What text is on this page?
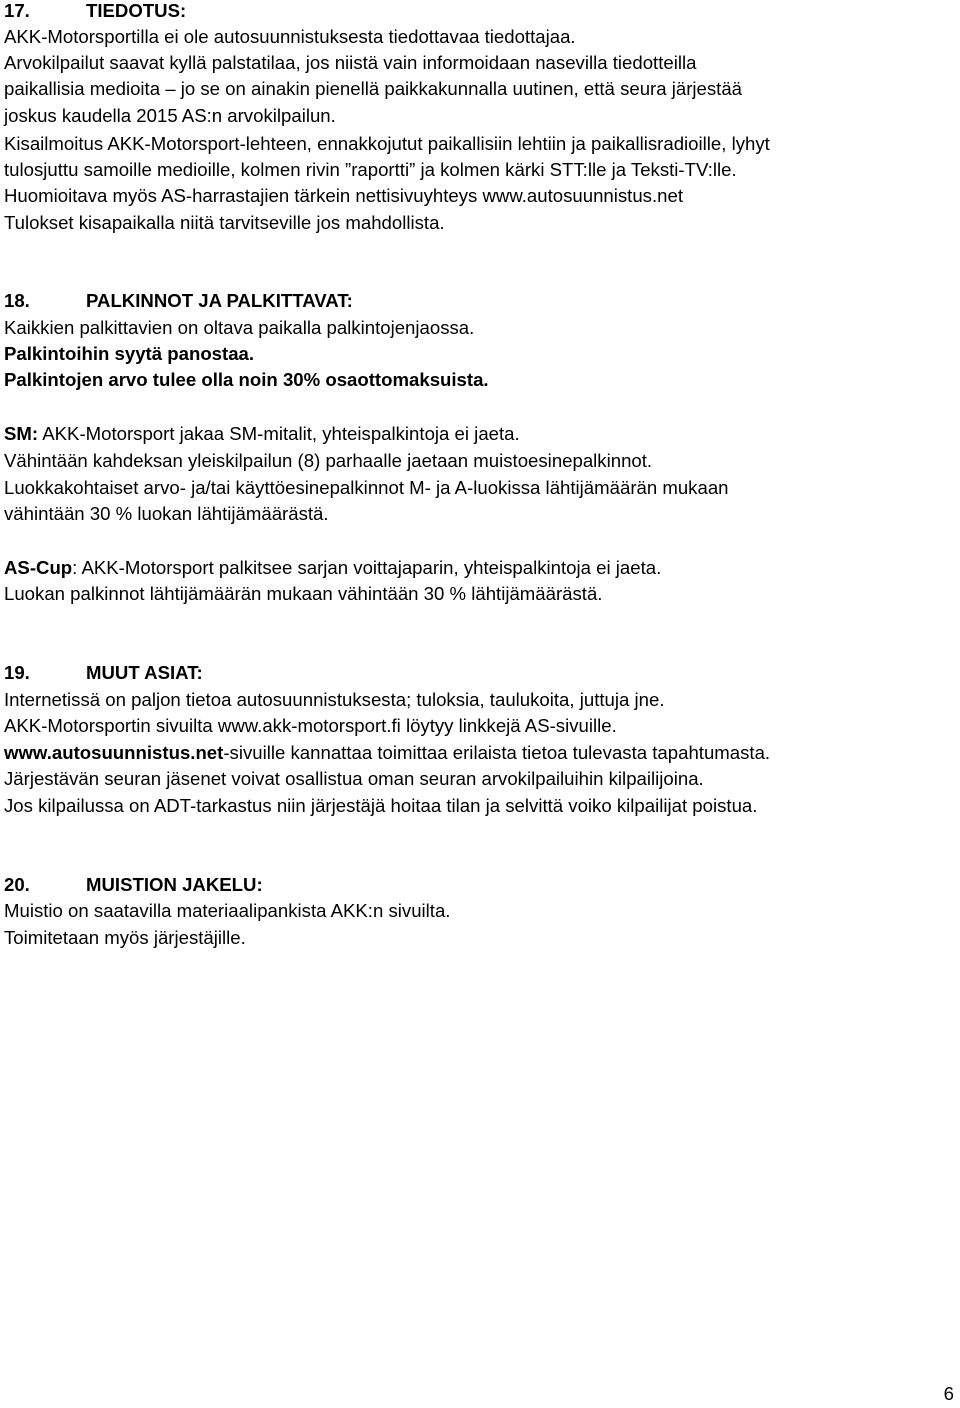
17.	TIEDOTUS:
AKK-Motorsportilla ei ole autosuunnistuksesta tiedottavaa tiedottajaa.
Arvokilpailut saavat kyllä palstatilaa, jos niistä vain informoidaan nasevilla tiedotteilla
paikallisia medioita – jo se on ainakin pienellä paikkakunnalla uutinen, että seura järjestää
joskus kaudella 2015 AS:n arvokilpailun.
Kisailmoitus AKK-Motorsport-lehteen, ennakkojutut paikallisiin lehtiin ja paikallisradioille, lyhyt
tulosjuttu samoille medioille, kolmen rivin ”raportti” ja kolmen kärki STT:lle ja Teksti-TV:lle.
Huomioitava myös AS-harrastajien tärkein nettisivuyhteys www.autosuunnistus.net
Tulokset kisapaikalla niitä tarvitseville jos mahdollista.
18.	PALKINNOT JA PALKITTAVAT:
Kaikkien palkittavien on oltava paikalla palkintojenjaossa.
Palkintoihin syytä panostaa.
Palkintojen arvo tulee olla noin 30% osaottomaksuista.
SM: AKK-Motorsport jakaa SM-mitalit, yhteispalkintoja ei jaeta.
Vähintään kahdeksan yleiskilpailun (8) parhaalle jaetaan muistoesinepalkinnot.
Luokkakohtaiset arvo- ja/tai käyttöesinepalkinnot M- ja A-luokissa lähtijämäärän mukaan
vähintään 30 % luokan lähtijämäärästä.
AS-Cup: AKK-Motorsport palkitsee sarjan voittajaparin, yhteispalkintoja ei jaeta.
Luokan palkinnot lähtijämäärän mukaan vähintään 30 % lähtijämäärästä.
19.	MUUT ASIAT:
Internetissä on paljon tietoa autosuunnistuksesta; tuloksia, taulukoita, juttuja jne.
AKK-Motorsportin sivuilta www.akk-motorsport.fi löytyy linkkejä AS-sivuille.
www.autosuunnistus.net-sivuille kannattaa toimittaa erilaista tietoa tulevasta tapahtumasta.
Järjestävän seuran jäsenet voivat osallistua oman seuran arvokilpailuihin kilpailijoina.
Jos kilpailussa on ADT-tarkastus niin järjestäjä hoitaa tilan ja selvittä voiko kilpailijat poistua.
20.	MUISTION JAKELU:
Muistio on saatavilla materiaalipankista AKK:n sivuilta.
Toimitetaan myös järjestäjille.
6
